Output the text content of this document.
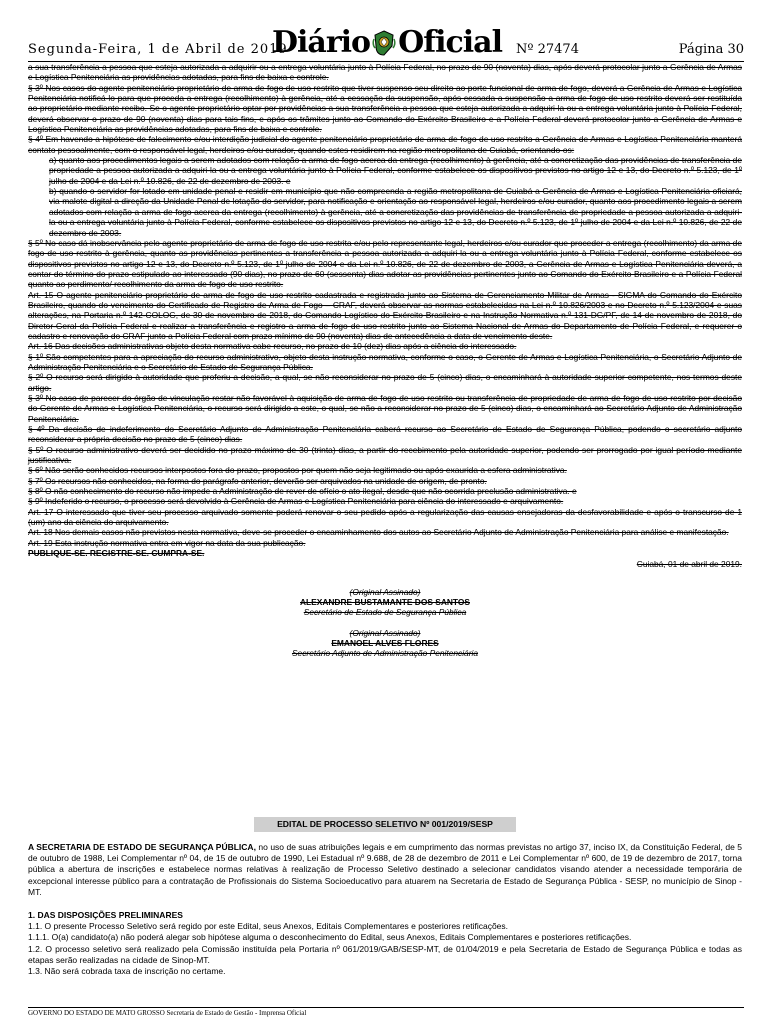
Segunda-Feira, 1 de Abril de 2019
Diário Oficial Nº 27474	Página 30

a sua transferência a pessoa que esteja autorizada a adquirir ou a entrega voluntária junto à Polícia Federal, no prazo de 90 (noventa) dias, após deverá protocolar junto a Gerência de Armas e Logística Penitenciária as providências adotadas, para fins de baixa e controle.

§ 3º Nos casos do agente penitenciário proprietário de arma de fogo de uso restrito que tiver suspenso seu direito ao porte funcional de arma de fogo, deverá a Gerência de Armas e Logística Penitenciária notificá-lo para que proceda a entrega (recolhimento) à gerência, até a cessação da suspensão, após cessada a suspensão a arma de fogo de uso restrito deverá ser restituída ao proprietário mediante recibo. Se o agente proprietário optar por providências a sua transferência a pessoa que esteja autorizada a adquiri-la ou a entrega voluntária junto à Polícia Federal, deverá observar o prazo de 90 (noventa) dias para tais fins, e após os trâmites junto ao Comando do Exército Brasileiro e a Polícia Federal deverá protocolar junto a Gerência de Armas e Logística Penitenciária as providências adotadas, para fins de baixa e controle.

§ 4º Em havendo a hipótese de falecimento e/ou interdição judicial do agente penitenciário proprietário de arma de fogo de uso restrito a Gerência de Armas e Logística Penitenciária manterá contato pessoalmente, com o responsável legal, herdeiros e/ou curador, quando estes residirem na região metropolitana de Cuiabá, orientando-os:

a) quanto aos procedimentos legais a serem adotados com relação a arma de fogo acerca da entrega (recolhimento) à gerência, até a concretização das providências de transferência de propriedade a pessoa autorizada a adquiri-la ou a entrega voluntária junto à Polícia Federal, conforme estabelece os dispositivos previstos no artigo 12 e 13, do Decreto n.º 5.123, de 1º julho de 2004 e da Lei n.º 10.826, de 22 de dezembro de 2003. e

b) quando o servidor for lotado em unidade penal e residir em município que não compreenda a região metropolitana de Cuiabá a Gerência de Armas e Logística Penitenciária oficiará, via malote digital a direção da Unidade Penal de lotação do servidor, para notificação e orientação ao responsável legal, herdeiros e/ou curador, quanto aos procedimento legais a serem adotados com relação a arma de fogo acerca da entrega (recolhimento) à gerência, até a concretização das providências de transferência de propriedade a pessoa autorizada a adquiri-la ou a entrega voluntária junto à Polícia Federal, conforme estabelece os dispositivos previstos no artigo 12 e 13, do Decreto n.º 5.123, de 1º julho de 2004 e da Lei n.º 10.826, de 22 de dezembro de 2003.

§ 5º No caso dá inobservância pelo agente proprietário de arma de fogo de uso restrita e/ou pelo representante legal, herdeiros e/ou curador que proceder a entrega (recolhimento) da arma de fogo de uso restrito à gerência, quanto as providências pertinentes a transferência a pessoa autorizada a adquiri-la ou a entrega voluntária junto à Polícia Federal, conforme estabelece os dispositivos previstos no artigo 12 e 13, do Decreto n.º 5.123, de 1º julho de 2004 e da Lei n.º 10.826, de 22 de dezembro de 2003, a Gerência de Armas e Logística Penitenciária deverá, a contar do término do prazo estipulado ao interessado (90 dias), no prazo de 60 (sessenta) dias adotar as providências pertinentes junto ao Comando do Exército Brasileiro e a Polícia Federal quanto ao perdimento/ recolhimento da arma de fogo de uso restrito.

Art. 15 O agente penitenciário proprietário de arma de fogo de uso restrito cadastrada e registrada junto ao Sistema de Gerenciamento Militar de Armas - SIGMA do Comando do Exército Brasileiro, quando do vencimento do Certificado de Registro de Arma de Fogo – CRAF, deverá observar as normas estabelecidas na Lei n.º 10.826/2003 e no Decreto n.º 5.123/2004 e suas alterações, na Portaria n.º 142-COLOG, de 30 de novembro de 2018, do Comando Logístico do Exército Brasileiro e na Instrução Normativa n.º 131-DG/PF, de 14 de novembro de 2018, do Diretor-Geral da Polícia Federal e realizar a transferência e registro a arma de fogo de uso restrito junto ao Sistema Nacional de Armas do Departamento de Polícia Federal, e requerer o cadastro e renovação do CRAF junto a Polícia Federal com prazo mínimo de 90 (noventa) dias de antecedência a data de vencimento deste.

Art. 16 Das decisões administrativas objeto desta normativa cabe recurso, no prazo de 10 (dez) dias após a ciência do interessado.

§ 1º São competentes para a apreciação do recurso administrativo, objeto desta instrução normativa, conforme o caso, o Gerente de Armas e Logística Penitenciária, o Secretário Adjunto de Administração Penitenciária e o Secretário de Estado de Segurança Pública.

§ 2º O recurso será dirigido à autoridade que proferiu a decisão, a qual, se não reconsiderar no prazo de 5 (cinco) dias, o encaminhará à autoridade superior competente, nos termos deste artigo.

§ 3º No caso de parecer do órgão de vinculação restar não favorável à aquisição de arma de fogo de uso restrito ou transferência de propriedade de arma de fogo de uso restrito por decisão do Gerente de Armas e Logística Penitenciária, o recurso será dirigido a este, o qual, se não a reconsiderar no prazo de 5 (cinco) dias, o encaminhará ao Secretário Adjunto de Administração Penitenciária.

§ 4º Da decisão de indeferimento do Secretário Adjunto de Administração Penitenciária caberá recurso ao Secretário de Estado de Segurança Pública, podendo o secretário adjunto reconsiderar a própria decisão no prazo de 5 (cinco) dias.

§ 5º O recurso administrativo deverá ser decidido no prazo máximo de 30 (trinta) dias, a partir do recebimento pela autoridade superior, podendo ser prorrogado por igual período mediante justificativa.

§ 6º Não serão conhecidos recursos interpostos fora do prazo, propostos por quem não seja legitimado ou após exaurida a esfera administrativa.

§ 7º Os recursos não conhecidos, na forma do parágrafo anterior, deverão ser arquivados na unidade de origem, de pronto.

§ 8º O não conhecimento do recurso não impede a Administração de rever de ofício o ato ilegal, desde que não ocorrida preclusão administrativa. e

§ 9º Indeferido o recurso, o processo será devolvido à Gerência de Armas e Logística Penitenciária para ciência do interessado e arquivamento.

Art. 17 O interessado que tiver seu processo arquivado somente poderá renovar o seu pedido após a regularização das causas ensejadoras da desfavorabilidade e após o transcurso de 1 (um) ano da ciência do arquivamento.

Art. 18 Nos demais casos não previstos nesta normativa, deve-se proceder o encaminhamento dos autos ao Secretário Adjunto de Administração Penitenciária para análise e manifestação.

Art. 19 Esta instrução normativa entra em vigor na data da sua publicação.

PUBLIQUE-SE. REGISTRE-SE. CUMPRA-SE.

Cuiabá, 01 de abril de 2019.

(Original Assinado)
ALEXANDRE BUSTAMANTE DOS SANTOS
Secretário de Estado de Segurança Pública
(Original Assinado)
EMANOEL ALVES FLORES
Secretário Adjunto de Administração Penitenciária
EDITAL DE PROCESSO SELETIVO Nº 001/2019/SESP

A SECRETARIA DE ESTADO DE SEGURANÇA PÚBLICA, no uso de suas atribuições legais e em cumprimento das normas previstas no artigo 37, inciso IX, da Constituição Federal, de 5 de outubro de 1988, Lei Complementar nº 04, de 15 de outubro de 1990, Lei Estadual nº 9.688, de 28 de dezembro de 2011 e Lei Complementar nº 600, de 19 de dezembro de 2017, torna pública a abertura de inscrições e estabelece normas relativas à realização de Processo Seletivo destinado a selecionar candidatos visando atender a necessidade temporária de excepcional interesse público para a contratação de Profissionais do Sistema Socioeducativo para atuarem na Secretaria de Estado de Segurança Pública - SESP, no município de Sinop - MT.

1. DAS DISPOSIÇÕES PRELIMINARES

1.1. O presente Processo Seletivo será regido por este Edital, seus Anexos, Editais Complementares e posteriores retificações.

1.1.1. O(a) candidato(a) não poderá alegar sob hipótese alguma o desconhecimento do Edital, seus Anexos, Editais Complementares e posteriores retificações.

1.2. O processo seletivo será realizado pela Comissão instituída pela Portaria nº 061/2019/GAB/SESP-MT, de 01/04/2019 e pela Secretaria de Estado de Segurança Pública e todas as etapas serão realizadas na cidade de Sinop-MT.

1.3. Não será cobrada taxa de inscrição no certame.

GOVERNO DO ESTADO DE MATO GROSSO Secretaria de Estado de Gestão - Imprensa Oficial
